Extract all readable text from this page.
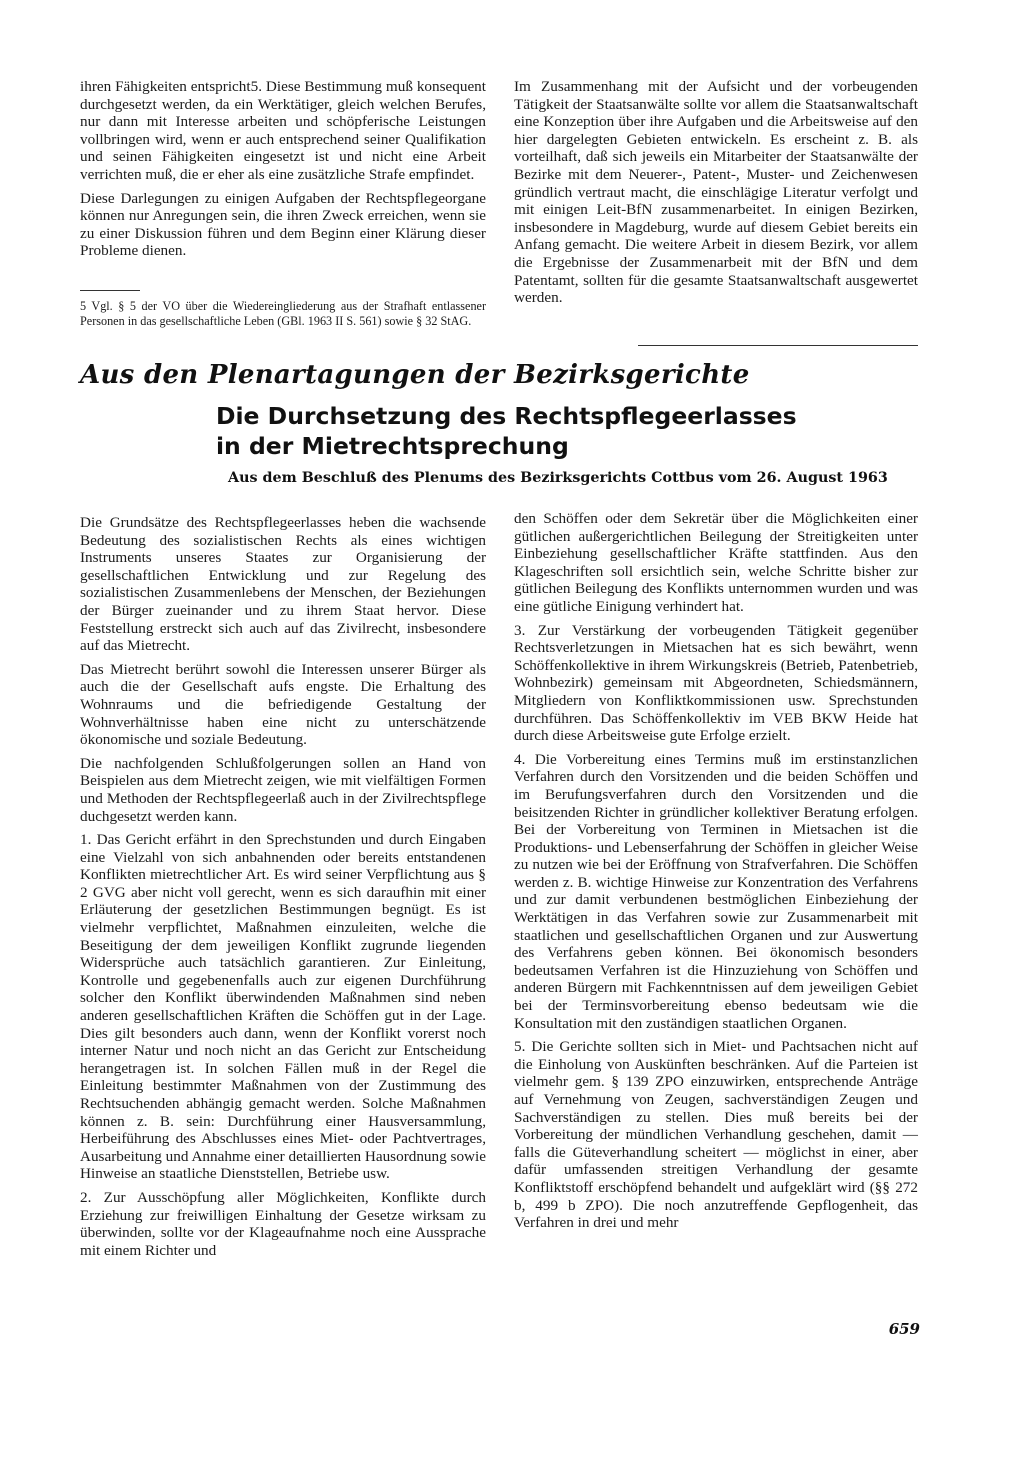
ihren Fähigkeiten entspricht5. Diese Bestimmung muß konsequent durchgesetzt werden, da ein Werktätiger, gleich welchen Berufes, nur dann mit Interesse arbeiten und schöpferische Leistungen vollbringen wird, wenn er auch entsprechend seiner Qualifikation und seinen Fähigkeiten eingesetzt ist und nicht eine Arbeit verrichten muß, die er eher als eine zusätzliche Strafe empfindet.

Diese Darlegungen zu einigen Aufgaben der Rechtspflegeorgane können nur Anregungen sein, die ihren Zweck erreichen, wenn sie zu einer Diskussion führen und dem Beginn einer Klärung dieser Probleme dienen.

5 Vgl. § 5 der VO über die Wiedereingliederung aus der Strafhaft entlassener Personen in das gesellschaftliche Leben (GBl. 1963 II S. 561) sowie § 32 StAG.

Im Zusammenhang mit der Aufsicht und der vorbeugenden Tätigkeit der Staatsanwälte sollte vor allem die Staatsanwaltschaft eine Konzeption über ihre Aufgaben und die Arbeitsweise auf den hier dargelegten Gebieten entwickeln. Es erscheint z. B. als vorteilhaft, daß sich jeweils ein Mitarbeiter der Staatsanwälte der Bezirke mit dem Neuerer-, Patent-, Muster- und Zeichenwesen gründlich vertraut macht, die einschlägige Literatur verfolgt und mit einigen Leit-BfN zusammenarbeitet. In einigen Bezirken, insbesondere in Magdeburg, wurde auf diesem Gebiet bereits ein Anfang gemacht. Die weitere Arbeit in diesem Bezirk, vor allem die Ergebnisse der Zusammenarbeit mit der BfN und dem Patentamt, sollten für die gesamte Staatsanwaltschaft ausgewertet werden.

Aus den Plenartagungen der Bezirksgerichte
Die Durchsetzung des Rechtspflegeerlasses
in der Mietrechtsprechung
Aus dem Beschluß des Plenums des Bezirksgerichts Cottbus vom 26. August 1963

Die Grundsätze des Rechtspflegeerlasses heben die wachsende Bedeutung des sozialistischen Rechts als eines wichtigen Instruments unseres Staates zur Organisierung der gesellschaftlichen Entwicklung und zur Regelung des sozialistischen Zusammenlebens der Menschen, der Beziehungen der Bürger zueinander und zu ihrem Staat hervor. Diese Feststellung erstreckt sich auch auf das Zivilrecht, insbesondere auf das Mietrecht.

Das Mietrecht berührt sowohl die Interessen unserer Bürger als auch die der Gesellschaft aufs engste. Die Erhaltung des Wohnraums und die befriedigende Gestaltung der Wohnverhältnisse haben eine nicht zu unterschätzende ökonomische und soziale Bedeutung.

Die nachfolgenden Schlußfolgerungen sollen an Hand von Beispielen aus dem Mietrecht zeigen, wie mit vielfältigen Formen und Methoden der Rechtspflegeerlaß auch in der Zivilrechtspflege duchgesetzt werden kann.

1. Das Gericht erfährt in den Sprechstunden und durch Eingaben eine Vielzahl von sich anbahnenden oder bereits entstandenen Konflikten mietrechtlicher Art. Es wird seiner Verpflichtung aus § 2 GVG aber nicht voll gerecht, wenn es sich daraufhin mit einer Erläuterung der gesetzlichen Bestimmungen begnügt. Es ist vielmehr verpflichtet, Maßnahmen einzuleiten, welche die Beseitigung der dem jeweiligen Konflikt zugrunde liegenden Widersprüche auch tatsächlich garantieren. Zur Einleitung, Kontrolle und gegebenenfalls auch zur eigenen Durchführung solcher den Konflikt überwindenden Maßnahmen sind neben anderen gesellschaftlichen Kräften die Schöffen gut in der Lage. Dies gilt besonders auch dann, wenn der Konflikt vorerst noch interner Natur und noch nicht an das Gericht zur Entscheidung herangetragen ist. In solchen Fällen muß in der Regel die Einleitung bestimmter Maßnahmen von der Zustimmung des Rechtsuchenden abhängig gemacht werden. Solche Maßnahmen können z. B. sein: Durchführung einer Hausversammlung, Herbeiführung des Abschlusses eines Miet- oder Pachtvertrages, Ausarbeitung und Annahme einer detaillierten Hausordnung sowie Hinweise an staatliche Dienststellen, Betriebe usw.

2. Zur Ausschöpfung aller Möglichkeiten, Konflikte durch Erziehung zur freiwilligen Einhaltung der Gesetze wirksam zu überwinden, sollte vor der Klageaufnahme noch eine Aussprache mit einem Richter und

den Schöffen oder dem Sekretär über die Möglichkeiten einer gütlichen außergerichtlichen Beilegung der Streitigkeiten unter Einbeziehung gesellschaftlicher Kräfte stattfinden. Aus den Klageschriften soll ersichtlich sein, welche Schritte bisher zur gütlichen Beilegung des Konflikts unternommen wurden und was eine gütliche Einigung verhindert hat.

3. Zur Verstärkung der vorbeugenden Tätigkeit gegenüber Rechtsverletzungen in Mietsachen hat es sich bewährt, wenn Schöffenkollektive in ihrem Wirkungskreis (Betrieb, Patenbetrieb, Wohnbezirk) gemeinsam mit Abgeordneten, Schiedsmännern, Mitgliedern von Konfliktkommissionen usw. Sprechstunden durchführen. Das Schöffenkollektiv im VEB BKW Heide hat durch diese Arbeitsweise gute Erfolge erzielt.

4. Die Vorbereitung eines Termins muß im erstinstanzlichen Verfahren durch den Vorsitzenden und die beiden Schöffen und im Berufungsverfahren durch den Vorsitzenden und die beisitzenden Richter in gründlicher kollektiver Beratung erfolgen. Bei der Vorbereitung von Terminen in Mietsachen ist die Produktions- und Lebenserfahrung der Schöffen in gleicher Weise zu nutzen wie bei der Eröffnung von Strafverfahren. Die Schöffen werden z. B. wichtige Hinweise zur Konzentration des Verfahrens und zur damit verbundenen bestmöglichen Einbeziehung der Werktätigen in das Verfahren sowie zur Zusammenarbeit mit staatlichen und gesellschaftlichen Organen und zur Auswertung des Verfahrens geben können. Bei ökonomisch besonders bedeutsamen Verfahren ist die Hinzuziehung von Schöffen und anderen Bürgern mit Fachkenntnissen auf dem jeweiligen Gebiet bei der Terminsvorbereitung ebenso bedeutsam wie die Konsultation mit den zuständigen staatlichen Organen.

5. Die Gerichte sollten sich in Miet- und Pachtsachen nicht auf die Einholung von Auskünften beschränken. Auf die Parteien ist vielmehr gem. § 139 ZPO einzuwirken, entsprechende Anträge auf Vernehmung von Zeugen, sachverständigen Zeugen und Sachverständigen zu stellen. Dies muß bereits bei der Vorbereitung der mündlichen Verhandlung geschehen, damit — falls die Güteverhandlung scheitert — möglichst in einer, aber dafür umfassenden streitigen Verhandlung der gesamte Konfliktstoff erschöpfend behandelt und aufgeklärt wird (§§ 272 b, 499 b ZPO). Die noch anzutreffende Gepflogenheit, das Verfahren in drei und mehr

659
